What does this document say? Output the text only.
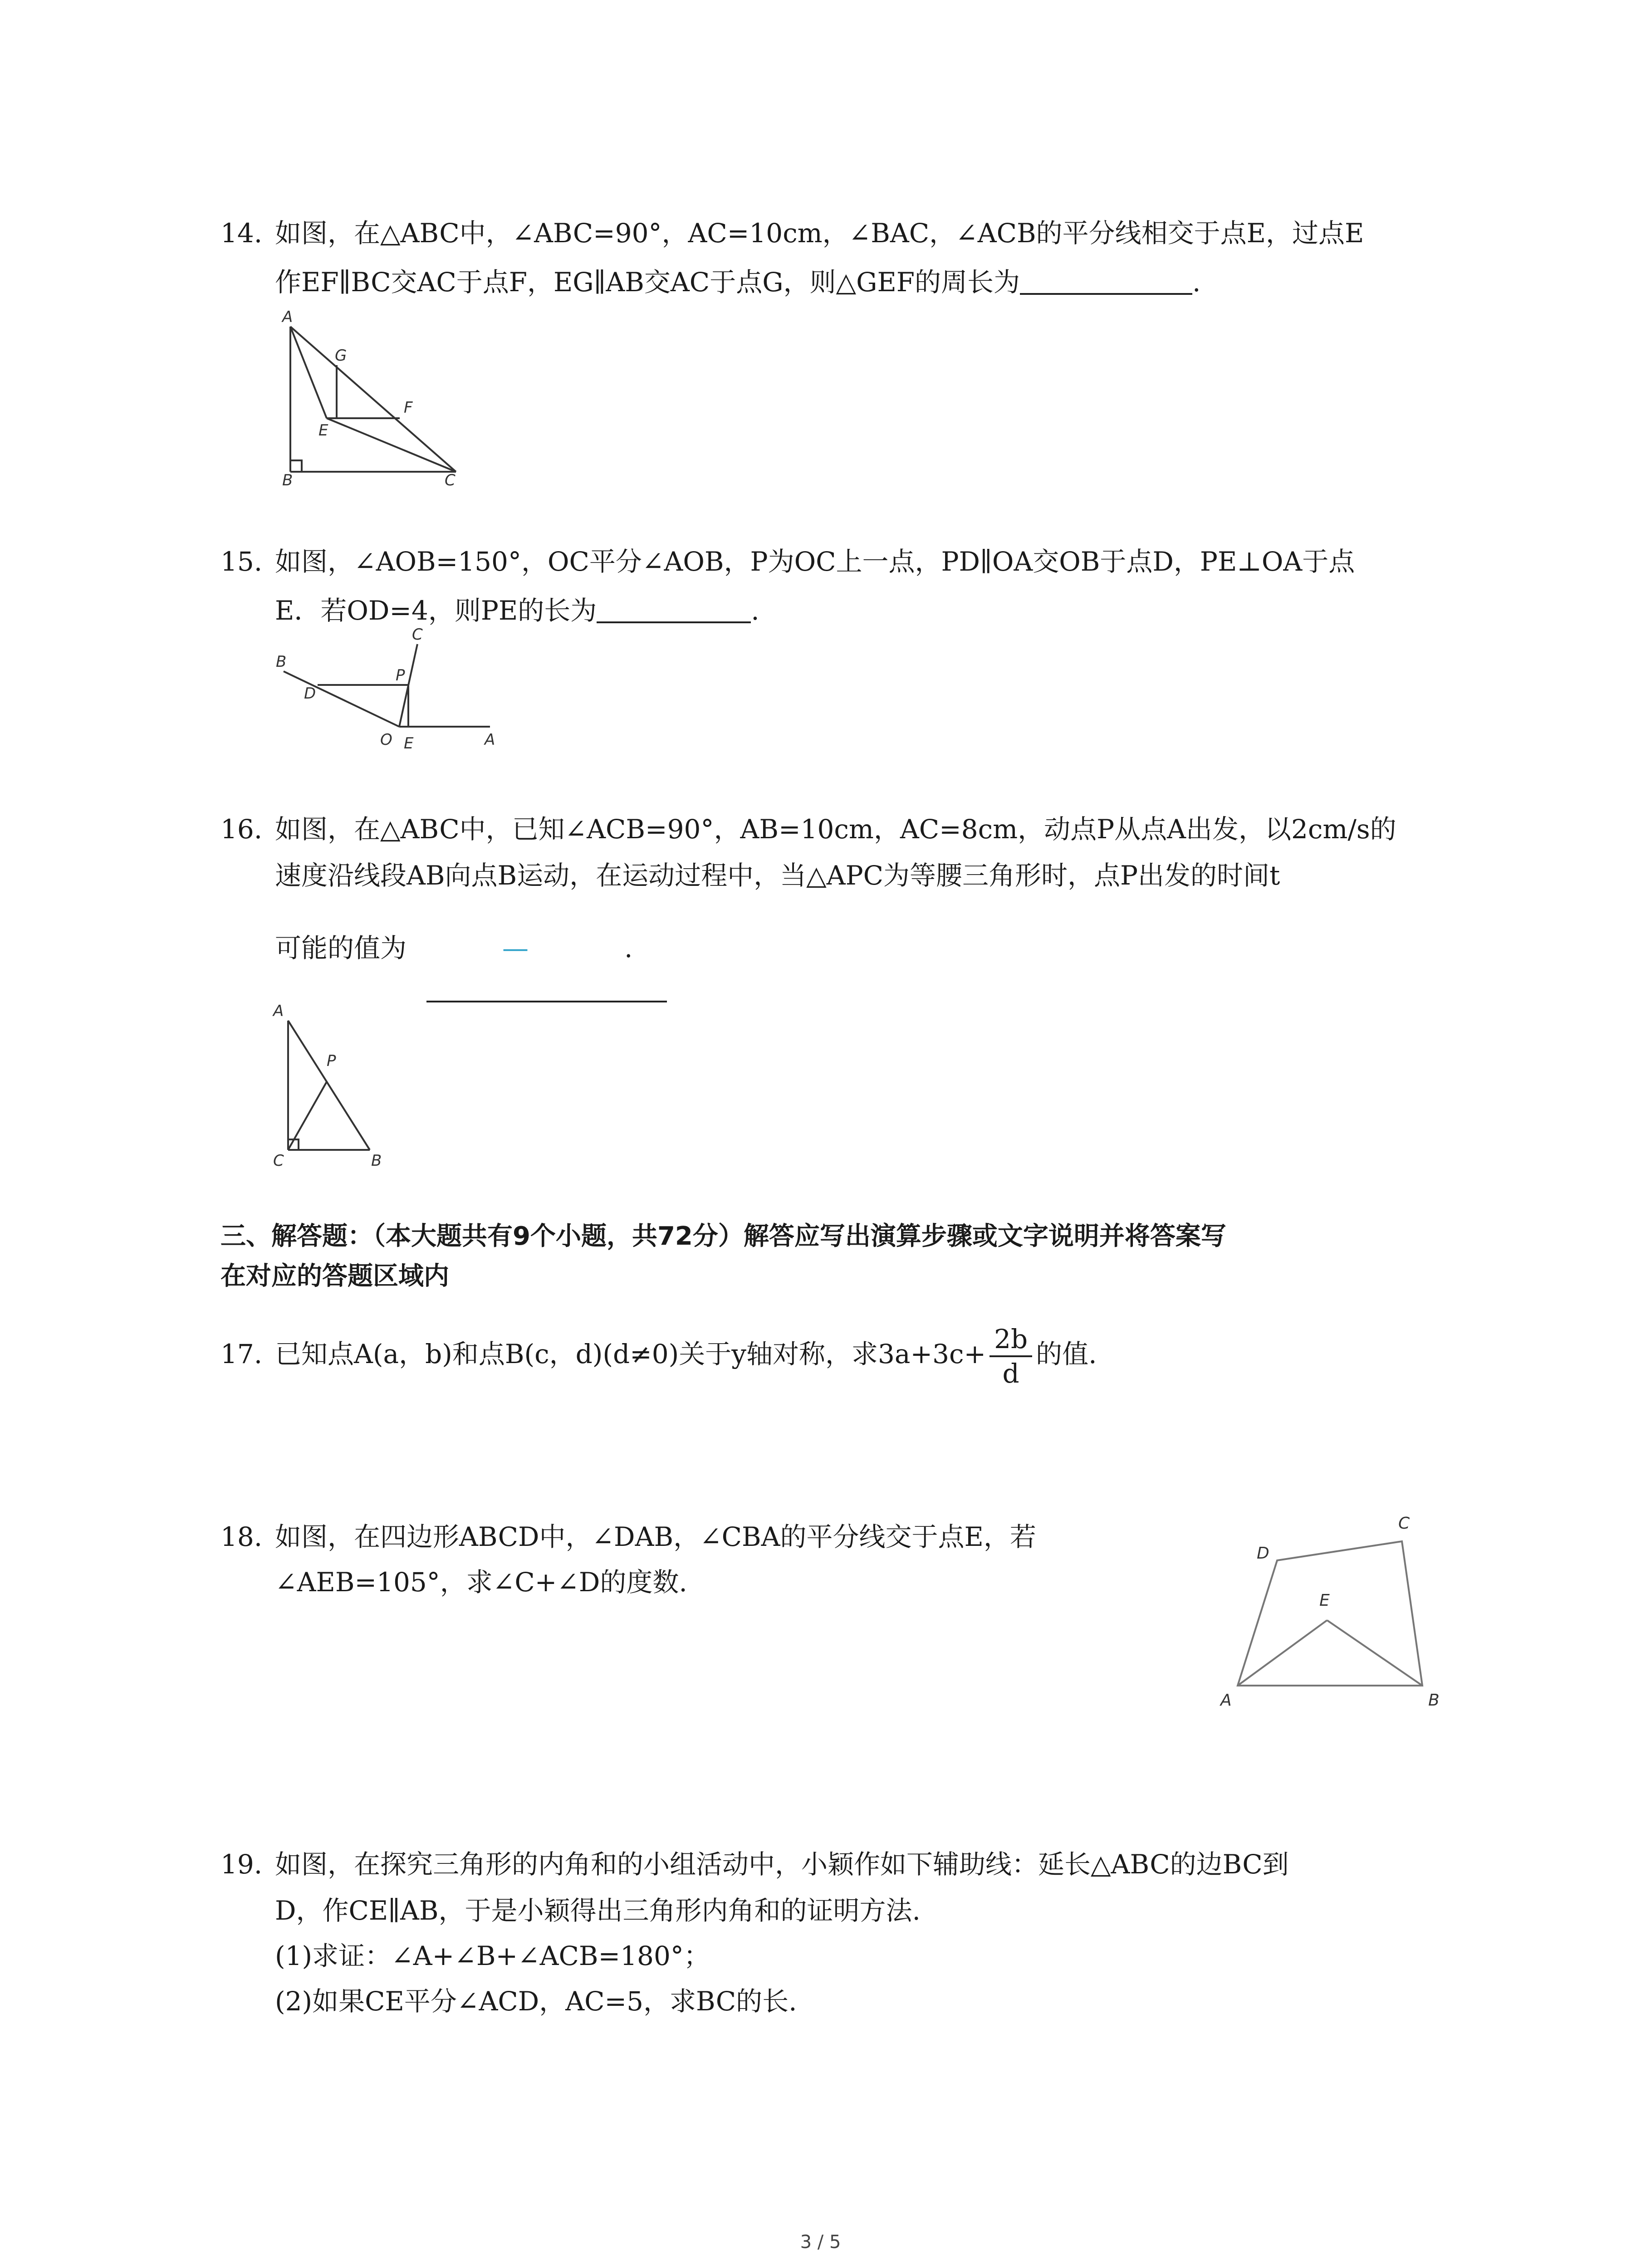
14. 如图，在△ABC中，∠ABC=90°，AC=10cm，∠BAC，∠ACB的平分线相交于点E，过点E
作EF∥BC交AC于点F，EG∥AB交AC于点G，则△GEF的周长为	.
A
B	C
E
F
G
15. 如图，∠AOB=150°，OC平分∠AOB，P为OC上一点，PD∥OA交OB于点D，PE⊥OA于点
E．若OD=4，则PE的长为	.
B
D
C
P
O E	A
16. 如图，在△ABC中，已知∠ACB=90°，AB=10cm，AC=8cm，动点P从点A出发，以2cm/s的
速度沿线段AB向点B运动，在运动过程中，当△APC为等腰三角形时，点P出发的时间t
可能的值为	—	.
A
P
C	B
三、解答题：（本大题共有9个小题，共72分）解答应写出演算步骤或文字说明并将答案写
在对应的答题区域内
17. 已知点A(a，b)和点B(c，d)(d≠0)关于y轴对称，求$3a+3c+ \frac{2b}{d}$ 的值.
18. 如图，在四边形ABCD中，∠DAB，∠CBA的平分线交于点E，若
∠AEB=105°，求∠C+∠D的度数.
D
C
E
A	B
19. 如图，在探究三角形的内角和的小组活动中，小颖作如下辅助线：延长△ABC的边BC到
D，作CE∥AB，于是小颖得出三角形内角和的证明方法.
(1)求证：∠A+∠B+∠ACB=180°；
(2)如果CE平分∠ACD，AC=5，求BC的长.
3 / 5
